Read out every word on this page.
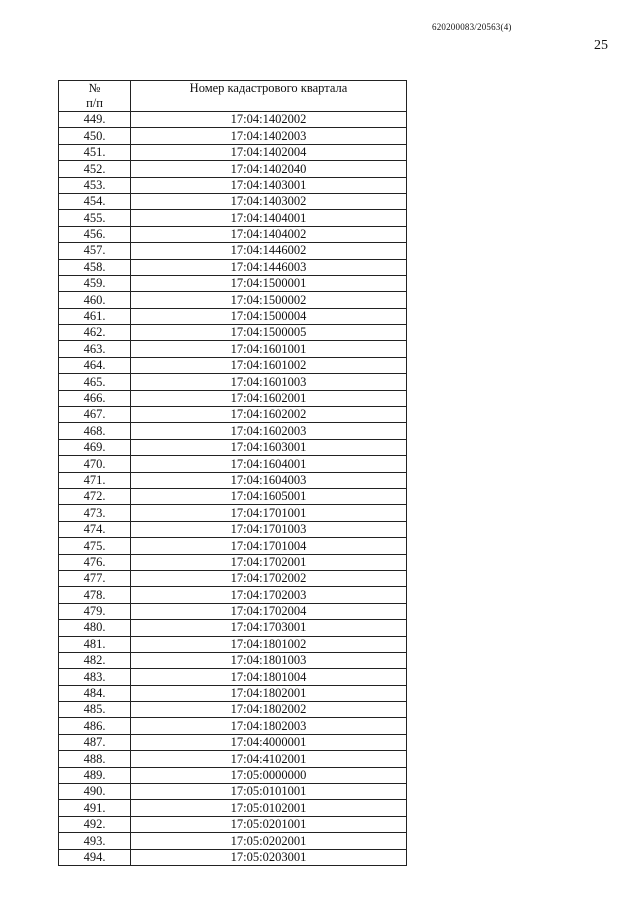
620200083/20563(4)
25
№
п/п	Номер кадастрового квартала
449.	17:04:1402002
450.	17:04:1402003
451.	17:04:1402004
452.	17:04:1402040
453.	17:04:1403001
454.	17:04:1403002
455.	17:04:1404001
456.	17:04:1404002
457.	17:04:1446002
458.	17:04:1446003
459.	17:04:1500001
460.	17:04:1500002
461.	17:04:1500004
462.	17:04:1500005
463.	17:04:1601001
464.	17:04:1601002
465.	17:04:1601003
466.	17:04:1602001
467.	17:04:1602002
468.	17:04:1602003
469.	17:04:1603001
470.	17:04:1604001
471.	17:04:1604003
472.	17:04:1605001
473.	17:04:1701001
474.	17:04:1701003
475.	17:04:1701004
476.	17:04:1702001
477.	17:04:1702002
478.	17:04:1702003
479.	17:04:1702004
480.	17:04:1703001
481.	17:04:1801002
482.	17:04:1801003
483.	17:04:1801004
484.	17:04:1802001
485.	17:04:1802002
486.	17:04:1802003
487.	17:04:4000001
488.	17:04:4102001
489.	17:05:0000000
490.	17:05:0101001
491.	17:05:0102001
492.	17:05:0201001
493.	17:05:0202001
494.	17:05:0203001
